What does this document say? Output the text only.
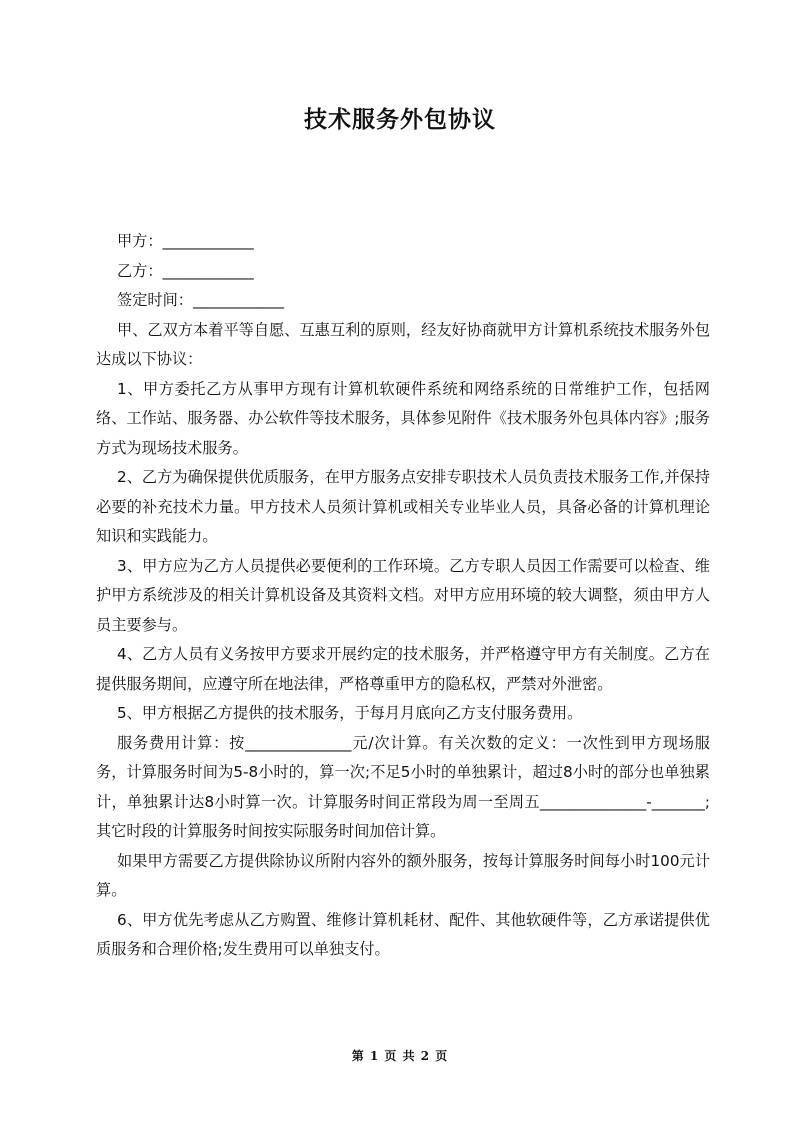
技术服务外包协议

甲方：____________

乙方：____________

签定时间：____________

甲、乙双方本着平等自愿、互惠互利的原则，经友好协商就甲方计算机系统技术服务外包达成以下协议：

1、甲方委托乙方从事甲方现有计算机软硬件系统和网络系统的日常维护工作，包括网络、工作站、服务器、办公软件等技术服务，具体参见附件《技术服务外包具体内容》;服务方式为现场技术服务。

2、乙方为确保提供优质服务，在甲方服务点安排专职技术人员负责技术服务工作,并保持必要的补充技术力量。甲方技术人员须计算机或相关专业毕业人员，具备必备的计算机理论知识和实践能力。

3、甲方应为乙方人员提供必要便利的工作环境。乙方专职人员因工作需要可以检查、维护甲方系统涉及的相关计算机设备及其资料文档。对甲方应用环境的较大调整，须由甲方人员主要参与。

4、乙方人员有义务按甲方要求开展约定的技术服务，并严格遵守甲方有关制度。乙方在提供服务期间，应遵守所在地法律，严格尊重甲方的隐私权，严禁对外泄密。

5、甲方根据乙方提供的技术服务，于每月月底向乙方支付服务费用。

服务费用计算：按______________元/次计算。有关次数的定义：一次性到甲方现场服务，计算服务时间为5-8小时的，算一次;不足5小时的单独累计，超过8小时的部分也单独累计，单独累计达8小时算一次。计算服务时间正常段为周一至周五______________-_______;其它时段的计算服务时间按实际服务时间加倍计算。

如果甲方需要乙方提供除协议所附内容外的额外服务，按每计算服务时间每小时100元计算。

6、甲方优先考虑从乙方购置、维修计算机耗材、配件、其他软硬件等，乙方承诺提供优质服务和合理价格;发生费用可以单独支付。

第 1 页 共 2 页
